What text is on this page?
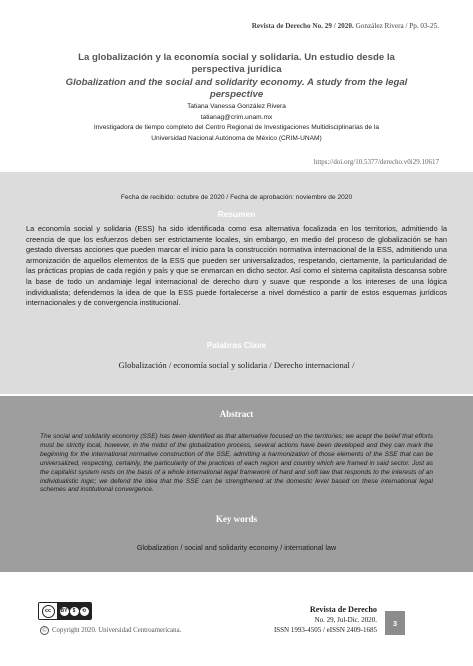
Revista de Derecho No. 29 / 2020. González Rivera / Pp. 03-25.
La globalización y la economía social y solidaria. Un estudio desde la
perspectiva jurídica
Globalization and the social and solidarity economy. A study from the legal
perspective
Tatiana Vanessa González Rivera
tatianag@crim.unam.mx
Investigadora de tiempo completo del Centro Regional de Investigaciones Multidisciplinarias de la
Universidad Nacional Autónoma de México (CRIM-UNAM)
https://doi.org/10.5377/derecho.v0i29.10617
Fecha de recibido: octubre de 2020 / Fecha de aprobación: noviembre de 2020
Resumen
La economía social y solidaria (ESS) ha sido identificada como esa alternativa focalizada en los territorios, admitiendo la creencia de que los esfuerzos deben ser estrictamente locales, sin embargo, en medio del proceso de globalización se han gestado diversas acciones que pueden marcar el inicio para la construcción normativa internacional de la ESS, admitiendo una armonización de aquellos elementos de la ESS que pueden ser universalizados, respetando, ciertamente, la particularidad de las prácticas propias de cada región y país y que se enmarcan en dicho sector. Así como el sistema capitalista descansa sobre la base de todo un andamiaje legal internacional de derecho duro y suave que responde a los intereses de una lógica individualista; defendemos la idea de que la ESS puede fortalecerse a nivel doméstico a partir de estos esquemas jurídicos internacionales y de convergencia institucional.
Palabras Clave
Globalización / economía social y solidaria / Derecho internacional /
Abstract
The social and solidarity economy (SSE) has been identified as that alternative focused on the territories; we acept the belief that efforts must be strictly local, however, in the midst of the globalization process, several actions have been developed and they can mark the beginning for the international normative construction of the SSE, admitting a harmonization of those elements of the SSE that can be universalized, respecting, certainly, the particularity of the practices of each region and country which are framed in said sector. Just as the capitalist system rests on the basis of a whole international legal framework of hard and soft law that responds to the interests of an individualistic logic; we defend the idea that the SSE can be strengthened at the domestic level based on these international legal schemes and institutional convergence.
Key words
Globalization / social and solidarity economy / international law
cc	BY	$	⟲
© Copyright 2020. Universidad Centroamericana.
Revista de Derecho
No. 29, Jul-Dic. 2020.
ISSN 1993-4505 / eISSN 2409-1685
3
